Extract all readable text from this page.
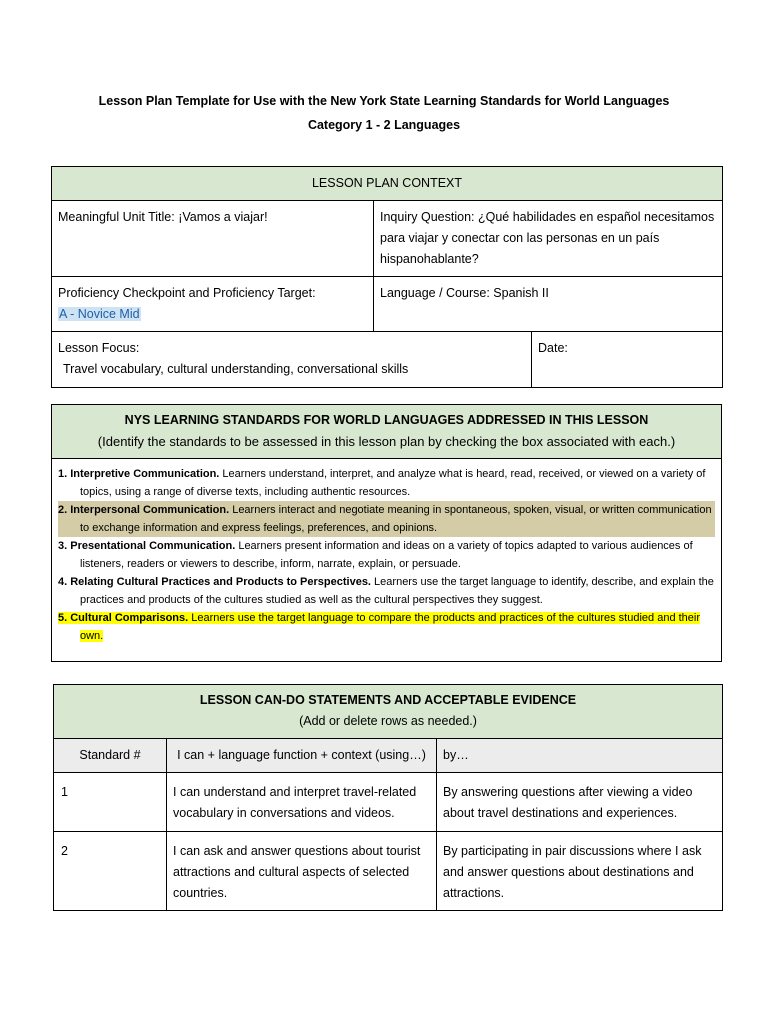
Lesson Plan Template for Use with the New York State Learning Standards for World Languages
Category 1 - 2 Languages
LESSON PLAN CONTEXT		
Meaningful Unit Title: ¡Vamos a viajar!	Inquiry Question: ¿Qué habilidades en español necesitamos para viajar y conectar con las personas en un país hispanohablante?	

Proficiency Checkpoint and Proficiency Target:
A - Novice Mid	Language / Course: Spanish II	

Lesson Focus:
Travel vocabulary, cultural understanding, conversational skills		Date:
NYS LEARNING STANDARDS FOR WORLD LANGUAGES ADDRESSED IN THIS LESSON
(Identify the standards to be assessed in this lesson plan by checking the box associated with each.)

1. Interpretive Communication. Learners understand, interpret, and analyze what is heard, read, received, or viewed on a variety of topics, using a range of diverse texts, including authentic resources.
2. Interpersonal Communication. Learners interact and negotiate meaning in spontaneous, spoken, visual, or written communication to exchange information and express feelings, preferences, and opinions.
3. Presentational Communication. Learners present information and ideas on a variety of topics adapted to various audiences of listeners, readers or viewers to describe, inform, narrate, explain, or persuade.
4. Relating Cultural Practices and Products to Perspectives. Learners use the target language to identify, describe, and explain the practices and products of the cultures studied as well as the cultural perspectives they suggest.
5. Cultural Comparisons. Learners use the target language to compare the products and practices of the cultures studied and their own.
LESSON CAN-DO STATEMENTS AND ACCEPTABLE EVIDENCE
(Add or delete rows as needed.)		

Standard #	I can + language function + context (using…)	by…
1	I can understand and interpret travel-related vocabulary in conversations and videos.	By answering questions after viewing a video about travel destinations and experiences.
2	I can ask and answer questions about tourist attractions and cultural aspects of selected countries.	By participating in pair discussions where I ask and answer questions about destinations and attractions.
